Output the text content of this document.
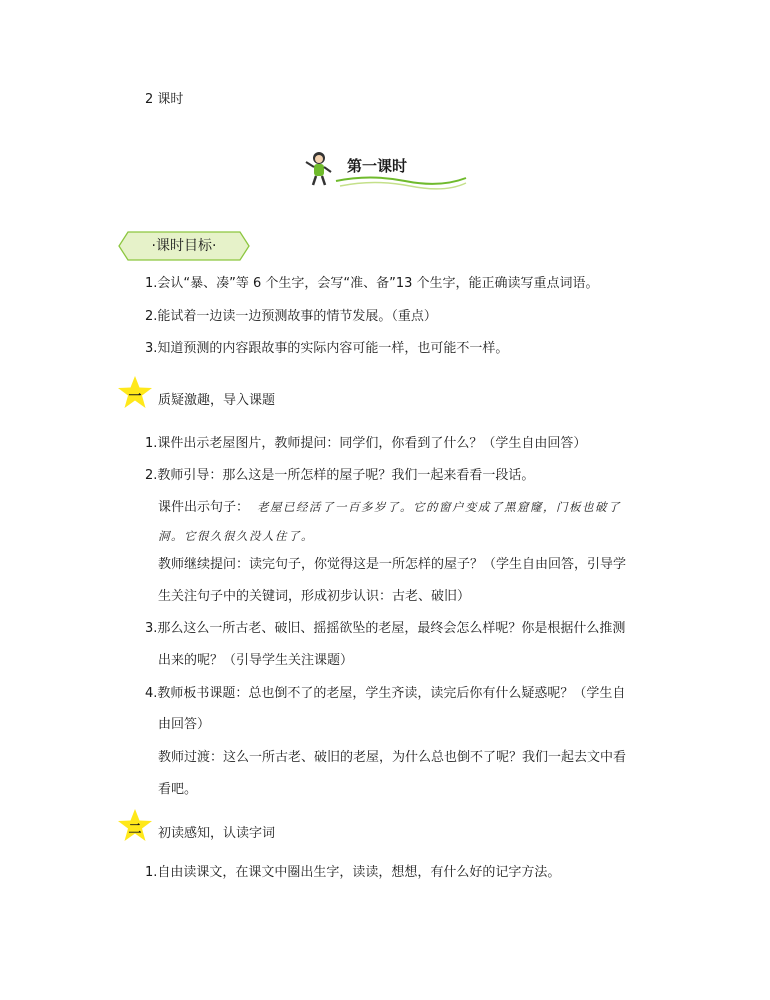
2 课时
第一课时
·课时目标·
1.会认“暴、凑”等 6 个生字，会写“准、备”13 个生字，能正确读写重点词语。
2.能试着一边读一边预测故事的情节发展。（重点）
3.知道预测的内容跟故事的实际内容可能一样，也可能不一样。
一	质疑激趣，导入课题
1.课件出示老屋图片，教师提问：同学们，你看到了什么？（学生自由回答）
2.教师引导：那么这是一所怎样的屋子呢？我们一起来看看一段话。
课件出示句子： 老屋已经活了一百多岁了。它的窗户变成了黑窟窿，门板也破了
洞。它很久很久没人住了。
教师继续提问：读完句子，你觉得这是一所怎样的屋子？（学生自由回答，引导学
生关注句子中的关键词，形成初步认识：古老、破旧）
3.那么这么一所古老、破旧、摇摇欲坠的老屋，最终会怎么样呢？你是根据什么推测
出来的呢？（引导学生关注课题）
4.教师板书课题：总也倒不了的老屋，学生齐读，读完后你有什么疑惑呢？（学生自
由回答）
教师过渡：这么一所古老、破旧的老屋，为什么总也倒不了呢？我们一起去文中看
看吧。
二	初读感知，认读字词
1.自由读课文，在课文中圈出生字，读读，想想，有什么好的记字方法。
